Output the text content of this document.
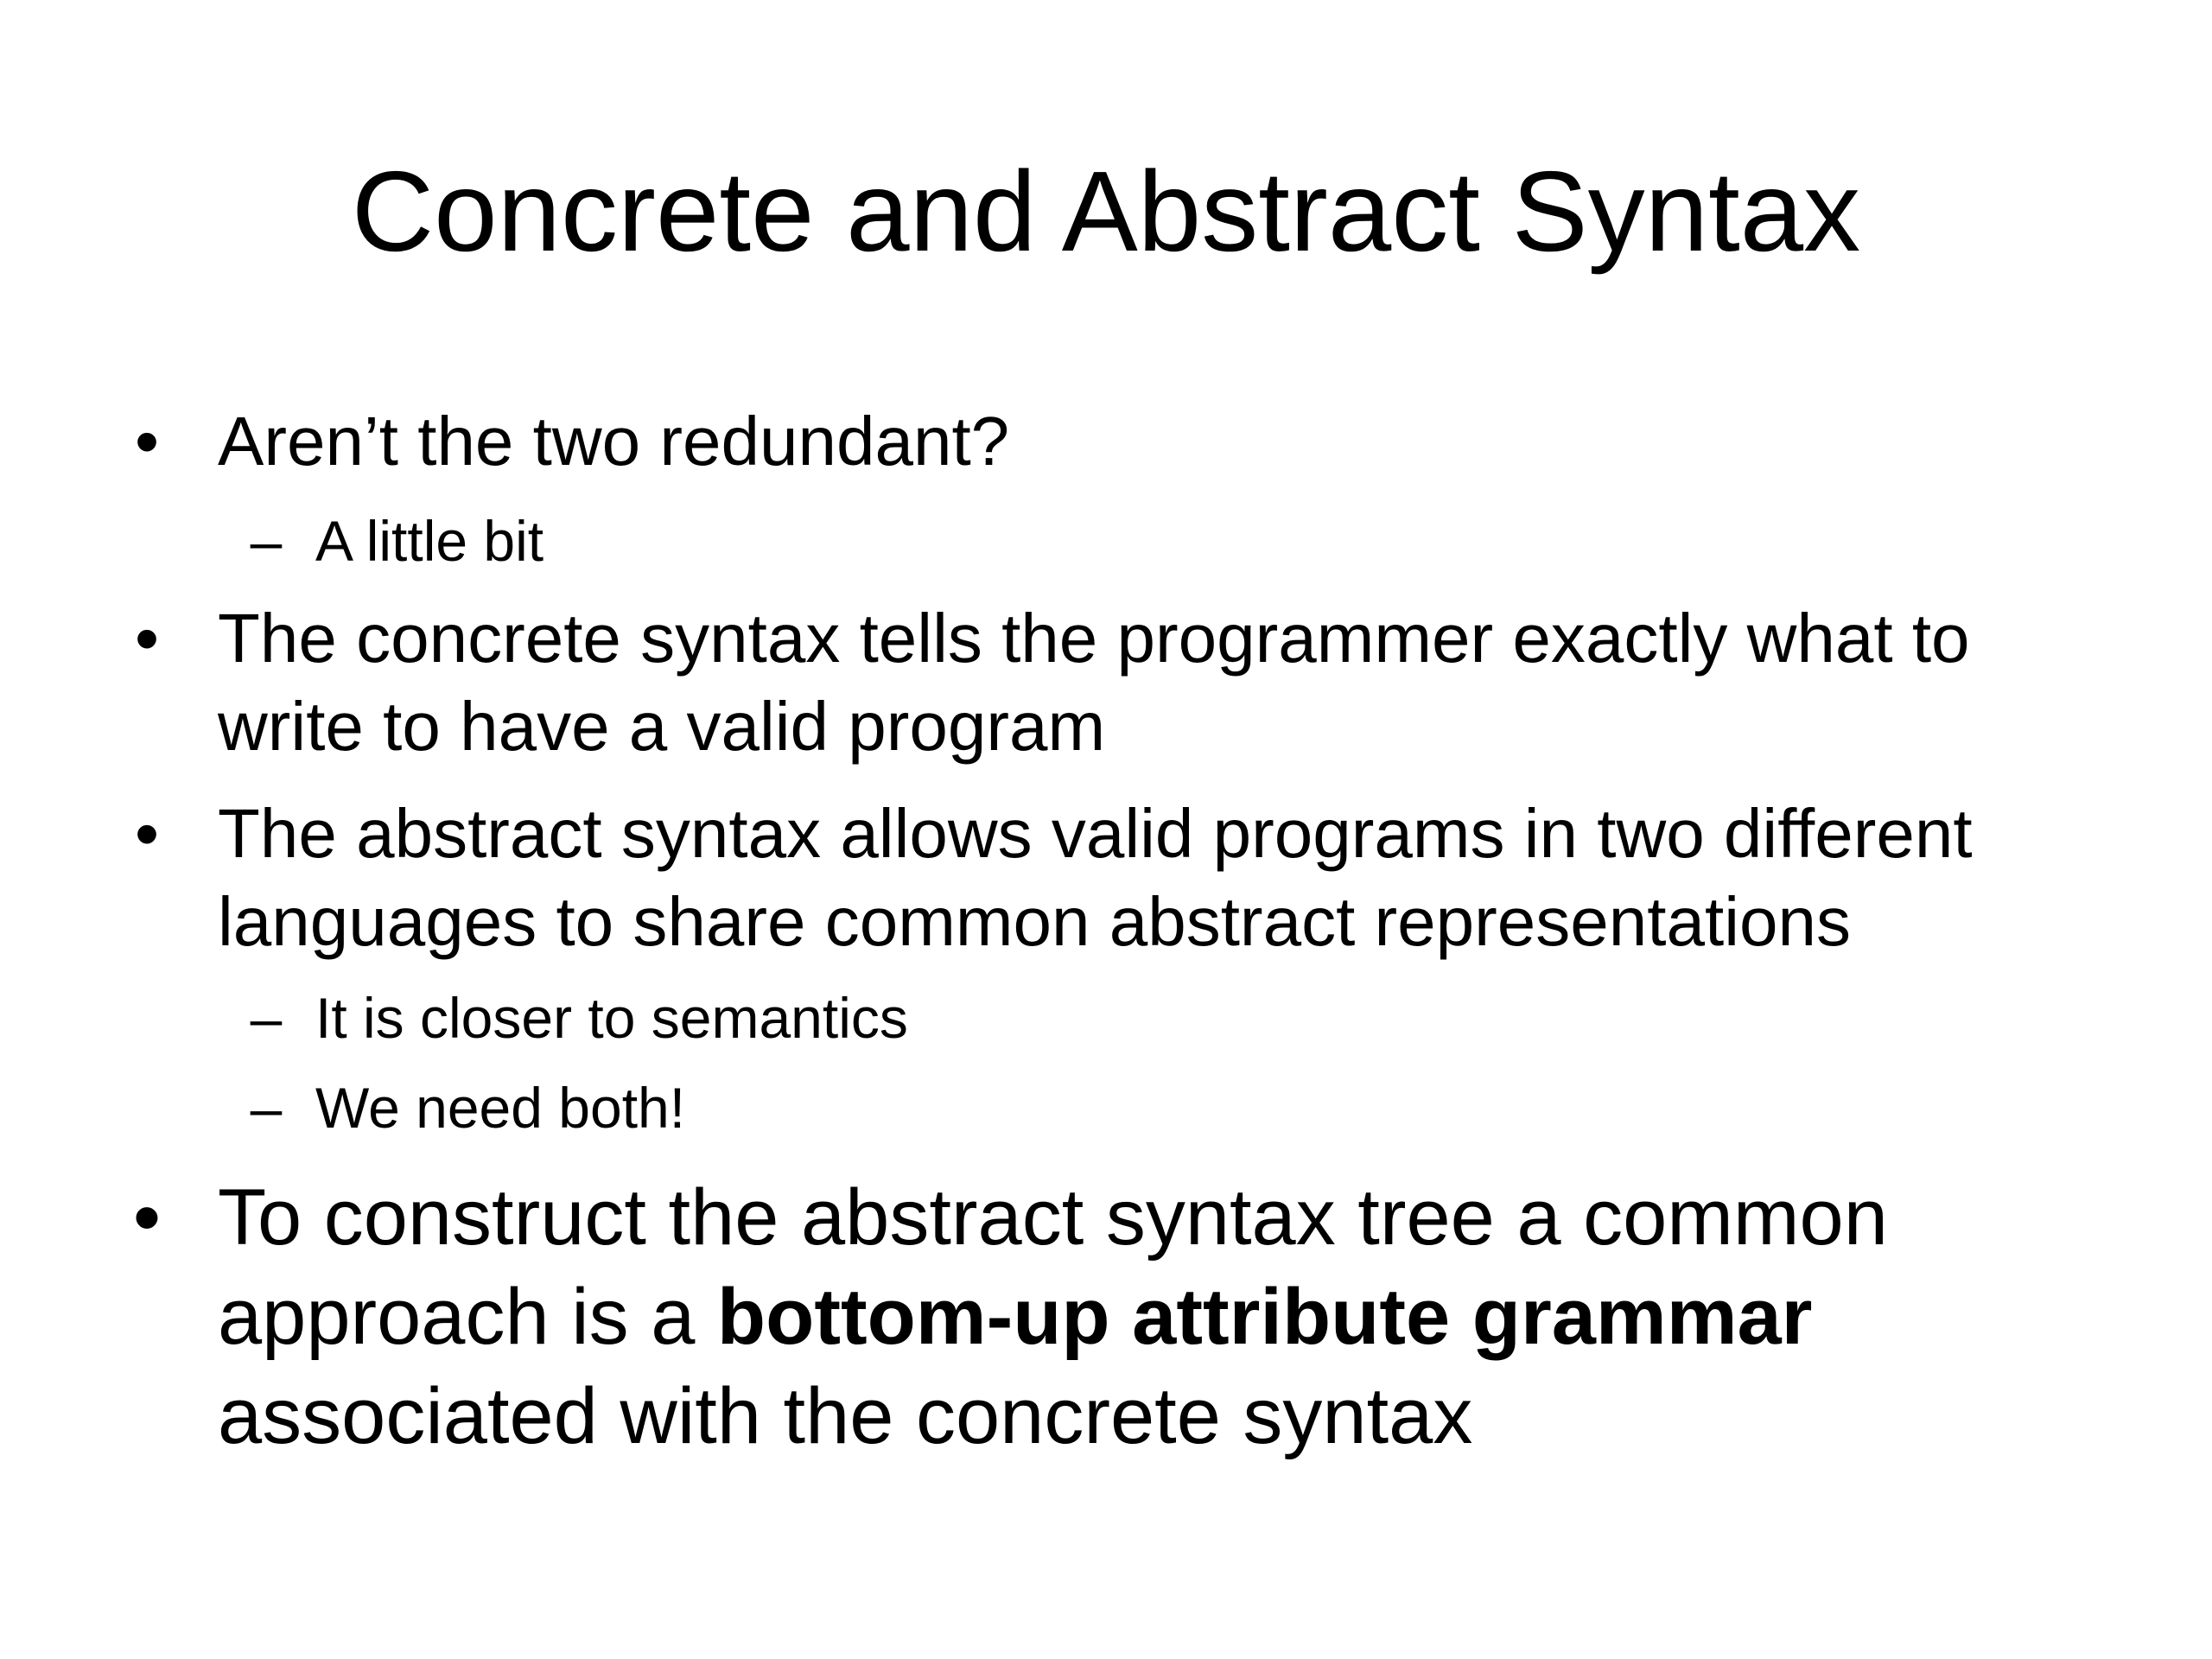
Concrete and Abstract Syntax
• Aren’t the two redundant?
– A little bit
• The concrete syntax tells the programmer exactly what to
write to have a valid program
• The abstract syntax allows valid programs in two different
languages to share common abstract representations
– It is closer to semantics
– We need both!
• To construct the abstract syntax tree a common
approach is a bottom-up attribute grammar
associated with the concrete syntax
